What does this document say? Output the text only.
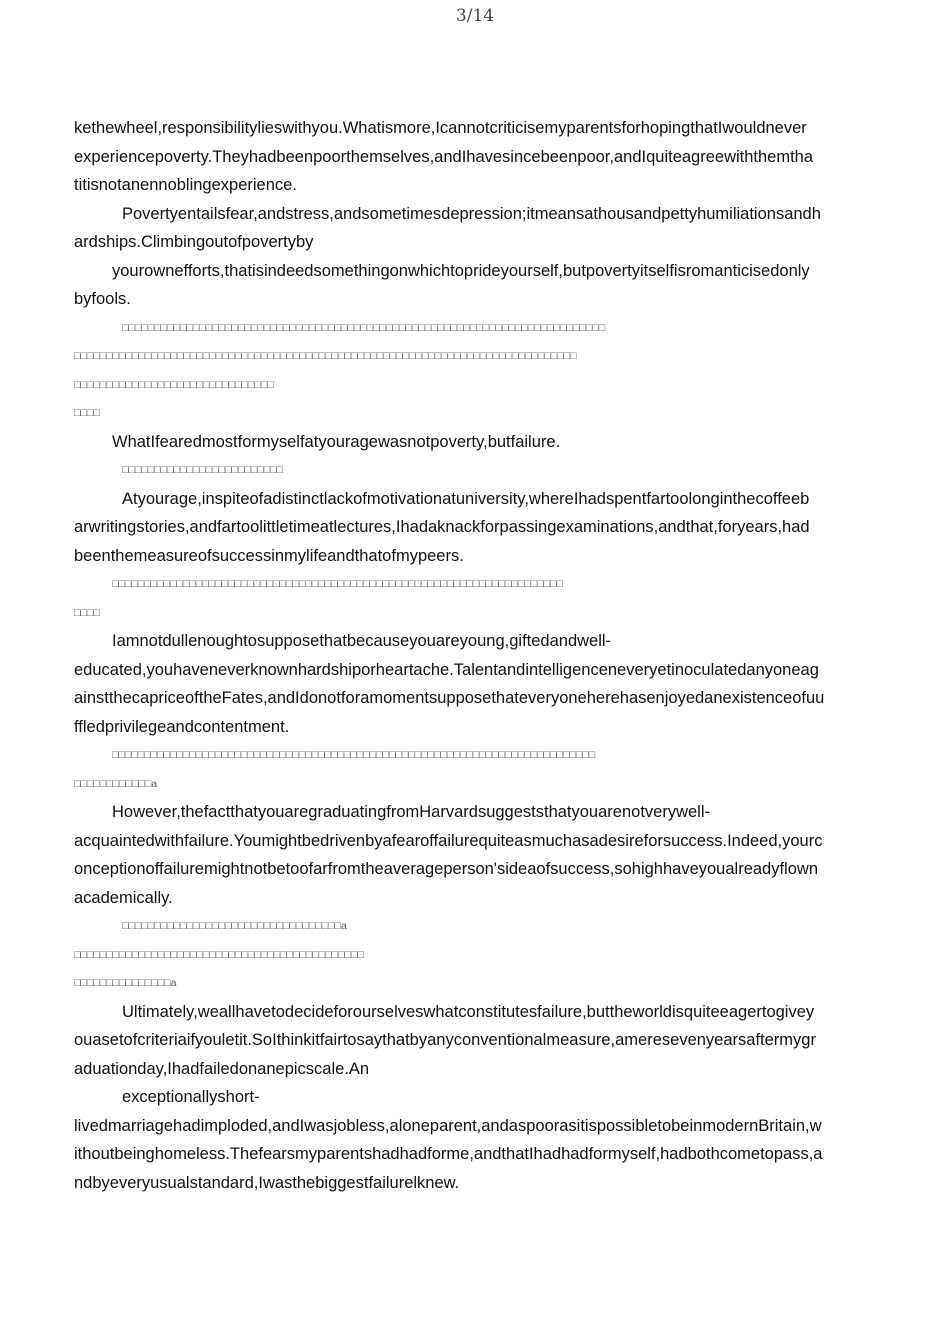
3/14
kethewheel,responsibilitylieswithyou.Whatismore,IcannotcriticisemyparentsforhopingthatIwouldnever
experiencepoverty.Theyhadbeenpoorthemselves,andIhavesincebeenpoor,andIquiteagreewiththemtha
titisnotanennoblingexperience.
Povertyentailsfear,andstress,andsometimesdepression;itmeansathousandpettyhumiliationsandh
ardships.Climbingoutofpovertyby
yourownefforts,thatisindeedsomethingonwhichtoprideyourself,butpovertyitselfisromanticisedonly
byfools.
□□□□□□□□□□□□□□□□□□□□□□□□□□□□□□□□□□□□□□□□□□□□□□□□□□□□□□□□□□□□□□□□□□□□□□□□□□□
□□□□□□□□□□□□□□□□□□□□□□□□□□□□□□□□□□□□□□□□□□□□□□□□□□□□□□□□□□□□□□□□□□□□□□□□□□□□□□
□□□□□□□□□□□□□□□□□□□□□□□□□□□□□□□
□□□□
WhatIfearedmostformyselfatyouragewasnotpoverty,butfailure.
□□□□□□□□□□□□□□□□□□□□□□□□□
Atyourage,inspiteofadistinctlackofmotivationatuniversity,whereIhadspentfartoolonginthecoffeeb
arwritingstories,andfartoolittletimeatlectures,Ihadaknackforpassingexaminations,andthat,foryears,had
beenthemeasureofsuccessinmylifeandthatofmypeers.
□□□□□□□□□□□□□□□□□□□□□□□□□□□□□□□□□□□□□□□□□□□□□□□□□□□□□□□□□□□□□□□□□□□□□□
□□□□
Iamnotdullenoughtosupposethatbecauseyouareyoung,giftedandwell-
educated,youhaveneverknownhardshiporheartache.Talentandintelligenceneveryetinoculatedanyoneag
ainstthecapriceoftheFates,andIdonotforamomentsupposethateveryoneherehasenjoyedanexistenceofuu
ffledprivilegeandcontentment.
□□□□□□□□□□□□□□□□□□□□□□□□□□□□□□□□□□□□□□□□□□□□□□□□□□□□□□□□□□□□□□□□□□□□□□□□□□□
□□□□□□□□□□□□a
However,thefactthatyouaregraduatingfromHarvardsuggeststhatyouarenotverywell-
acquaintedwithfailure.Youmightbedrivenbyafearoffailurequiteasmuchasadesireforsuccess.Indeed,yourc
onceptionoffailuremightnotbetoofarfromtheaverageperson'sideaofsuccess,sohighhaveyoualreadyflown
academically.
□□□□□□□□□□□□□□□□□□□□□□□□□□□□□□□□□□a
□□□□□□□□□□□□□□□□□□□□□□□□□□□□□□□□□□□□□□□□□□□□□
□□□□□□□□□□□□□□□a
Ultimately,weallhavetodecideforourselveswhatconstitutesfailure,buttheworldisquiteeagertogivey
ouasetofcriteriaifyouletit.SoIthinkitfairtosaythatbyanyconventionalmeasure,ameresevenyearsaftermygr
aduationday,Ihadfailedonanepicscale.An
exceptionallyshort-
livedmarriagehadimploded,andIwasjobless,aloneparent,andaspoorasitispossibletobeinmodernBritain,w
ithoutbeinghomeless.Thefearsmyparentshadhadforme,andthatIhadhadformyself,hadbothcometopass,a
ndbyeveryusualstandard,Iwasthebiggestfailurelknew.
